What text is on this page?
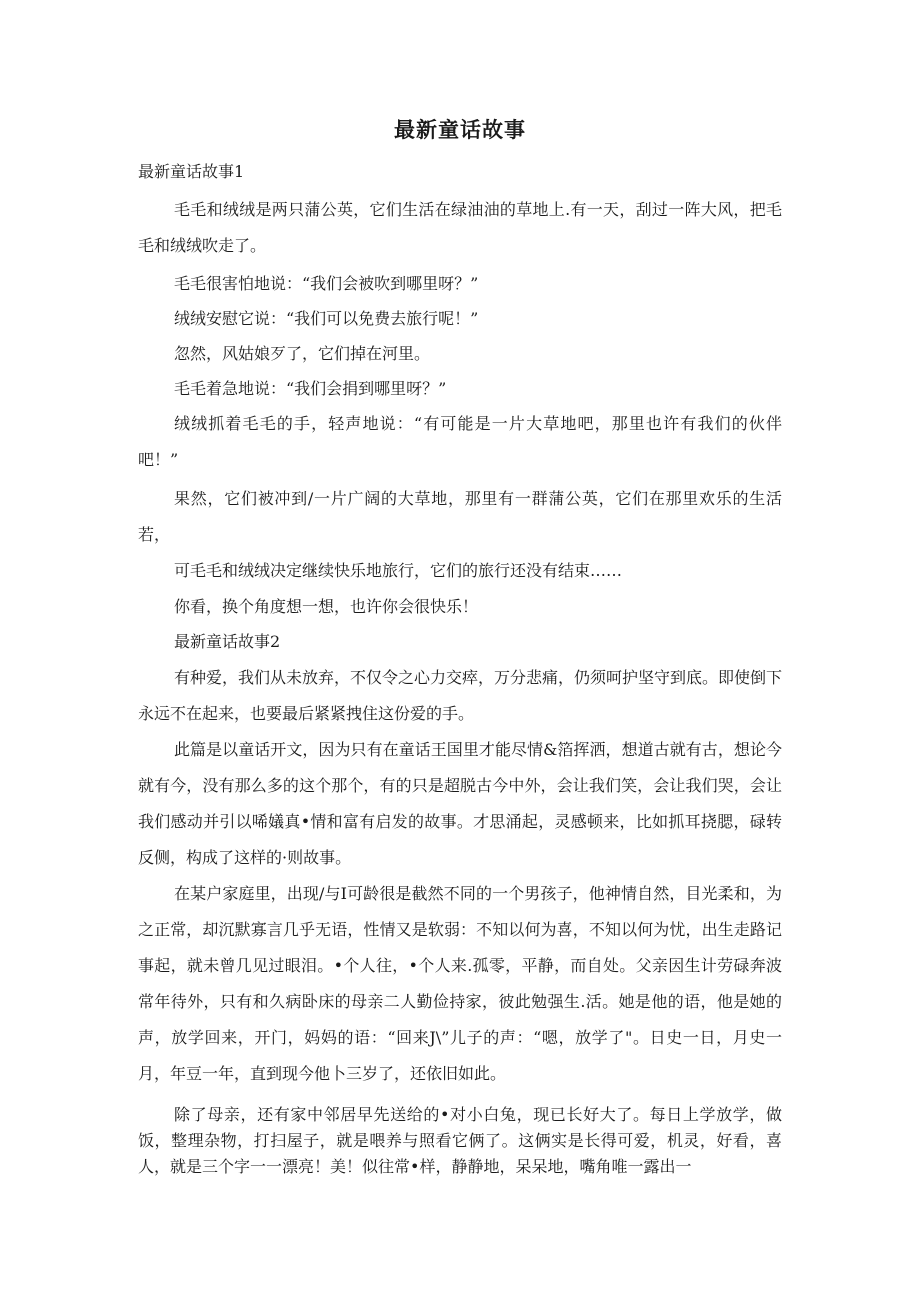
最新童话故事

最新童话故事1

毛毛和绒绒是两只蒲公英，它们生活在绿油油的草地上.有一天，刮过一阵大风，把毛毛和绒绒吹走了。

毛毛很害怕地说：“我们会被吹到哪里呀？”

绒绒安慰它说：“我们可以免费去旅行呢！”

忽然，风姑娘歹了，它们掉在河里。

毛毛着急地说：“我们会捐到哪里呀？”

绒绒抓着毛毛的手，轻声地说：“有可能是一片大草地吧，那里也许有我们的伙伴吧！”

果然，它们被冲到/一片广阔的大草地，那里有一群蒲公英，它们在那里欢乐的生活若，

可毛毛和绒绒决定继续快乐地旅行，它们的旅行还没有结束……

你看，换个角度想一想，也许你会很快乐！

最新童话故事2

有种爱，我们从未放弃，不仅令之心力交瘁，万分悲痛，仍须呵护坚守到底。即使倒下永远不在起来，也要最后紧紧拽住这份爱的手。

此篇是以童话开文，因为只有在童话王国里才能尽情&箔挥洒，想道古就有古，想论今就有今，没有那么多的这个那个，有的只是超脱古今中外，会让我们笑，会让我们哭，会让我们感动并引以唏嬟真•情和富有启发的故事。才思涌起，灵感顿来，比如抓耳挠腮，碌转反侧，构成了这样的·则故事。

在某户家庭里，出现/与I可龄很是截然不同的一个男孩子，他神情自然，目光柔和，为之正常，却沉默寡言几乎无语，性情又是软弱：不知以何为喜，不知以何为忧，出生走路记事起，就未曾几见过眼泪。•个人往，•个人来.孤零，平静，而自处。父亲因生计劳碌奔波常年待外，只有和久病卧床的母亲二人勤俭持家，彼此勉强生.活。她是他的语，他是她的声，放学回来，开门，妈妈的语：“回来J\”儿子的声：“嗯，放学了"。日史一日，月史一月，年豆一年，直到现今他卜三岁了，还依旧如此。

除了母亲，还有家中邻居早先送给的•对小白兔，现已长好大了。每日上学放学，做饭，整理杂物，打扫屋子，就是喂养与照看它俩了。这俩实是长得可爱，机灵，好看，喜人，就是三个字一一漂亮！美！似往常•样，静静地，呆呆地，嘴角唯一露出一
